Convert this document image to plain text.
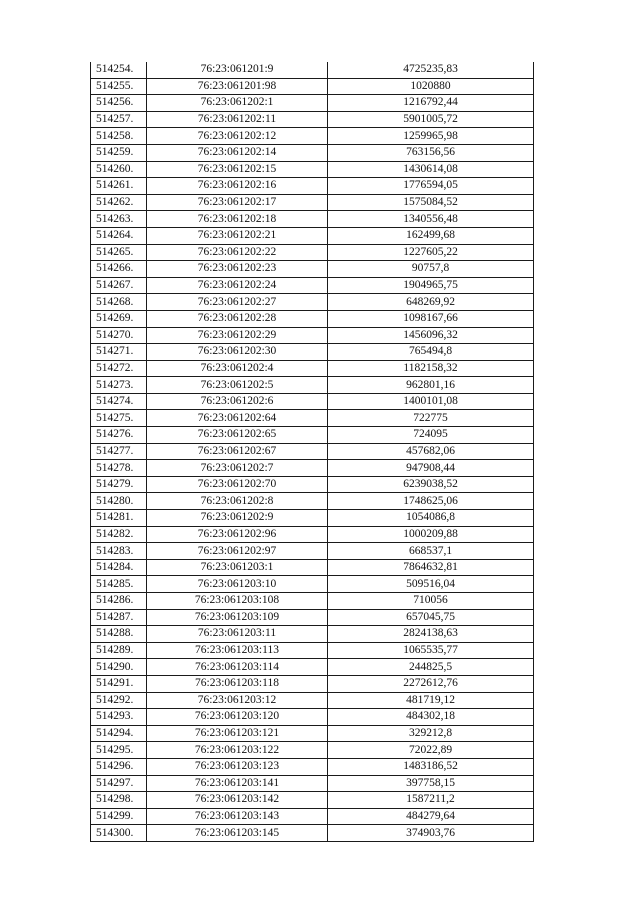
514254.	76:23:061201:9	4725235,83
514255.	76:23:061201:98	1020880
514256.	76:23:061202:1	1216792,44
514257.	76:23:061202:11	5901005,72
514258.	76:23:061202:12	1259965,98
514259.	76:23:061202:14	763156,56
514260.	76:23:061202:15	1430614,08
514261.	76:23:061202:16	1776594,05
514262.	76:23:061202:17	1575084,52
514263.	76:23:061202:18	1340556,48
514264.	76:23:061202:21	162499,68
514265.	76:23:061202:22	1227605,22
514266.	76:23:061202:23	90757,8
514267.	76:23:061202:24	1904965,75
514268.	76:23:061202:27	648269,92
514269.	76:23:061202:28	1098167,66
514270.	76:23:061202:29	1456096,32
514271.	76:23:061202:30	765494,8
514272.	76:23:061202:4	1182158,32
514273.	76:23:061202:5	962801,16
514274.	76:23:061202:6	1400101,08
514275.	76:23:061202:64	722775
514276.	76:23:061202:65	724095
514277.	76:23:061202:67	457682,06
514278.	76:23:061202:7	947908,44
514279.	76:23:061202:70	6239038,52
514280.	76:23:061202:8	1748625,06
514281.	76:23:061202:9	1054086,8
514282.	76:23:061202:96	1000209,88
514283.	76:23:061202:97	668537,1
514284.	76:23:061203:1	7864632,81
514285.	76:23:061203:10	509516,04
514286.	76:23:061203:108	710056
514287.	76:23:061203:109	657045,75
514288.	76:23:061203:11	2824138,63
514289.	76:23:061203:113	1065535,77
514290.	76:23:061203:114	244825,5
514291.	76:23:061203:118	2272612,76
514292.	76:23:061203:12	481719,12
514293.	76:23:061203:120	484302,18
514294.	76:23:061203:121	329212,8
514295.	76:23:061203:122	72022,89
514296.	76:23:061203:123	1483186,52
514297.	76:23:061203:141	397758,15
514298.	76:23:061203:142	1587211,2
514299.	76:23:061203:143	484279,64
514300.	76:23:061203:145	374903,76
